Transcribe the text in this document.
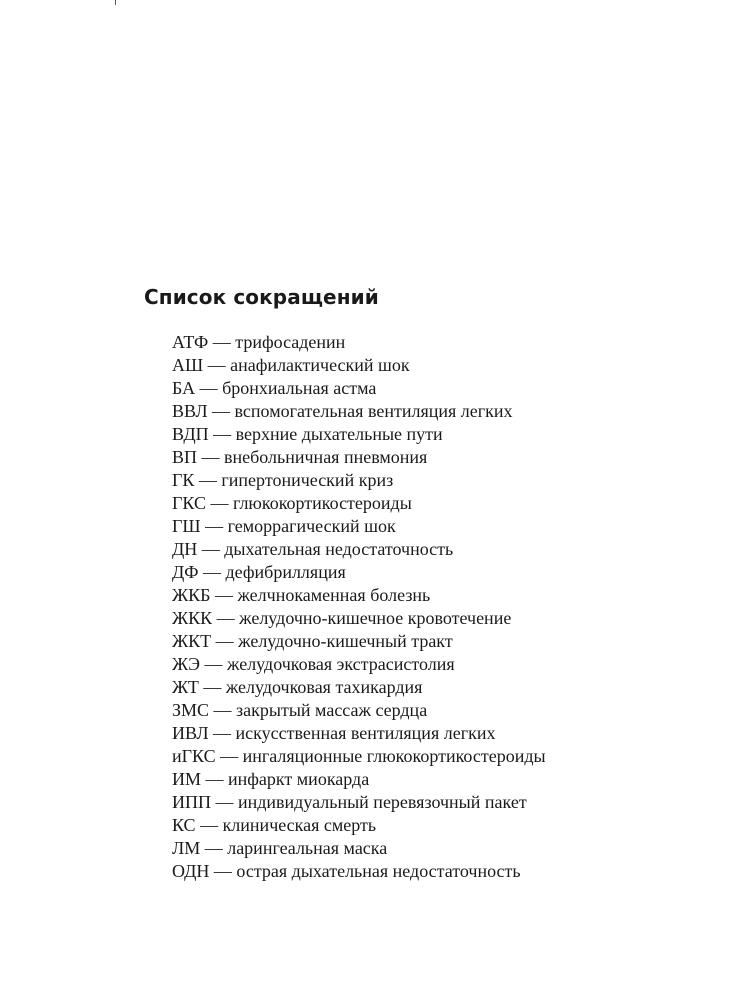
Список сокращений
АТФ — трифосаденин
АШ — анафилактический шок
БА — бронхиальная астма
ВВЛ — вспомогательная вентиляция легких
ВДП — верхние дыхательные пути
ВП — внебольничная пневмония
ГК — гипертонический криз
ГКС — глюкокортикостероиды
ГШ — геморрагический шок
ДН — дыхательная недостаточность
ДФ — дефибрилляция
ЖКБ — желчнокаменная болезнь
ЖКК — желудочно-кишечное кровотечение
ЖКТ — желудочно-кишечный тракт
ЖЭ — желудочковая экстрасистолия
ЖТ — желудочковая тахикардия
ЗМС — закрытый массаж сердца
ИВЛ — искусственная вентиляция легких
иГКС — ингаляционные глюкокортикостероиды
ИМ — инфаркт миокарда
ИПП — индивидуальный перевязочный пакет
КС — клиническая смерть
ЛМ — ларингеальная маска
ОДН — острая дыхательная недостаточность
